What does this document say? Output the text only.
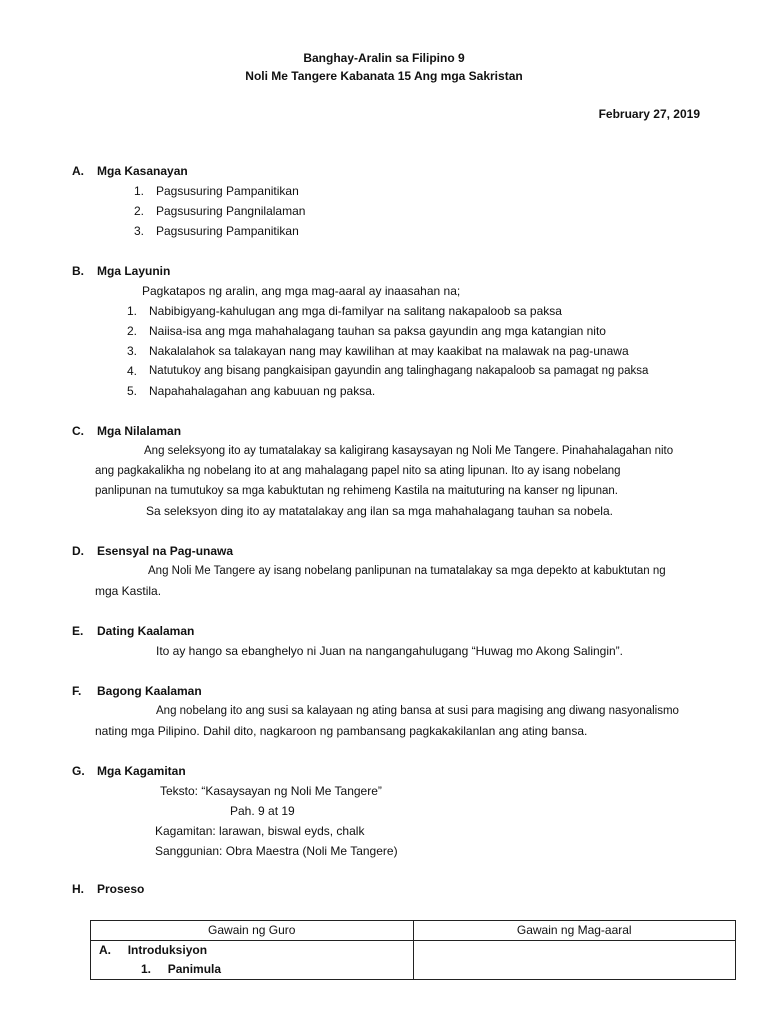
Banghay-Aralin sa Filipino 9
Noli Me Tangere Kabanata 15 Ang mga Sakristan
February 27, 2019
A. Mga Kasanayan
1. Pagsusuring Pampanitikan
2. Pagsusuring Pangnilalaman
3. Pagsusuring Pampanitikan
B. Mga Layunin
Pagkatapos ng aralin, ang mga mag-aaral ay inaasahan na;
1. Nabibigyang-kahulugan ang mga di-familyar na salitang nakapaloob sa paksa
2. Naiisa-isa ang mga mahahalagang tauhan sa paksa gayundin ang mga katangian nito
3. Nakalalahok sa talakayan nang may kawilihan at may kaakibat na malawak na pag-unawa
4. Natutukoy ang bisang pangkaisipan gayundin ang talinghagang nakapaloob sa pamagat ng paksa
5. Napahahalagahan ang kabuuan ng paksa.
C. Mga Nilalaman
Ang seleksyong ito ay tumatalakay sa kaligirang kasaysayan ng Noli Me Tangere. Pinahahalagahan nito
ang pagkakalikha ng nobelang ito at ang mahalagang papel nito sa ating lipunan. Ito ay isang nobelang
panlipunan na tumutukoy sa mga kabuktutan ng rehimeng Kastila na maituturing na kanser ng lipunan.
Sa seleksyon ding ito ay matatalakay ang ilan sa mga mahahalagang tauhan sa nobela.
D. Esensyal na Pag-unawa
Ang Noli Me Tangere ay isang nobelang panlipunan na tumatalakay sa mga depekto at kabuktutan ng
mga Kastila.
E. Dating Kaalaman
Ito ay hango sa ebanghelyo ni Juan na nangangahulugang “Huwag mo Akong Salingin”.
F. Bagong Kaalaman
Ang nobelang ito ang susi sa kalayaan ng ating bansa at susi para magising ang diwang nasyonalismo
nating mga Pilipino. Dahil dito, nagkaroon ng pambansang pagkakakilanlan ang ating bansa.
G. Mga Kagamitan
Teksto: “Kasaysayan ng Noli Me Tangere”
Pah. 9 at 19
Kagamitan: larawan, biswal eyds, chalk
Sanggunian: Obra Maestra (Noli Me Tangere)
H. Proseso
Gawain ng Guro	Gawain ng Mag-aaral

A. Introduksiyon
1. Panimula	
